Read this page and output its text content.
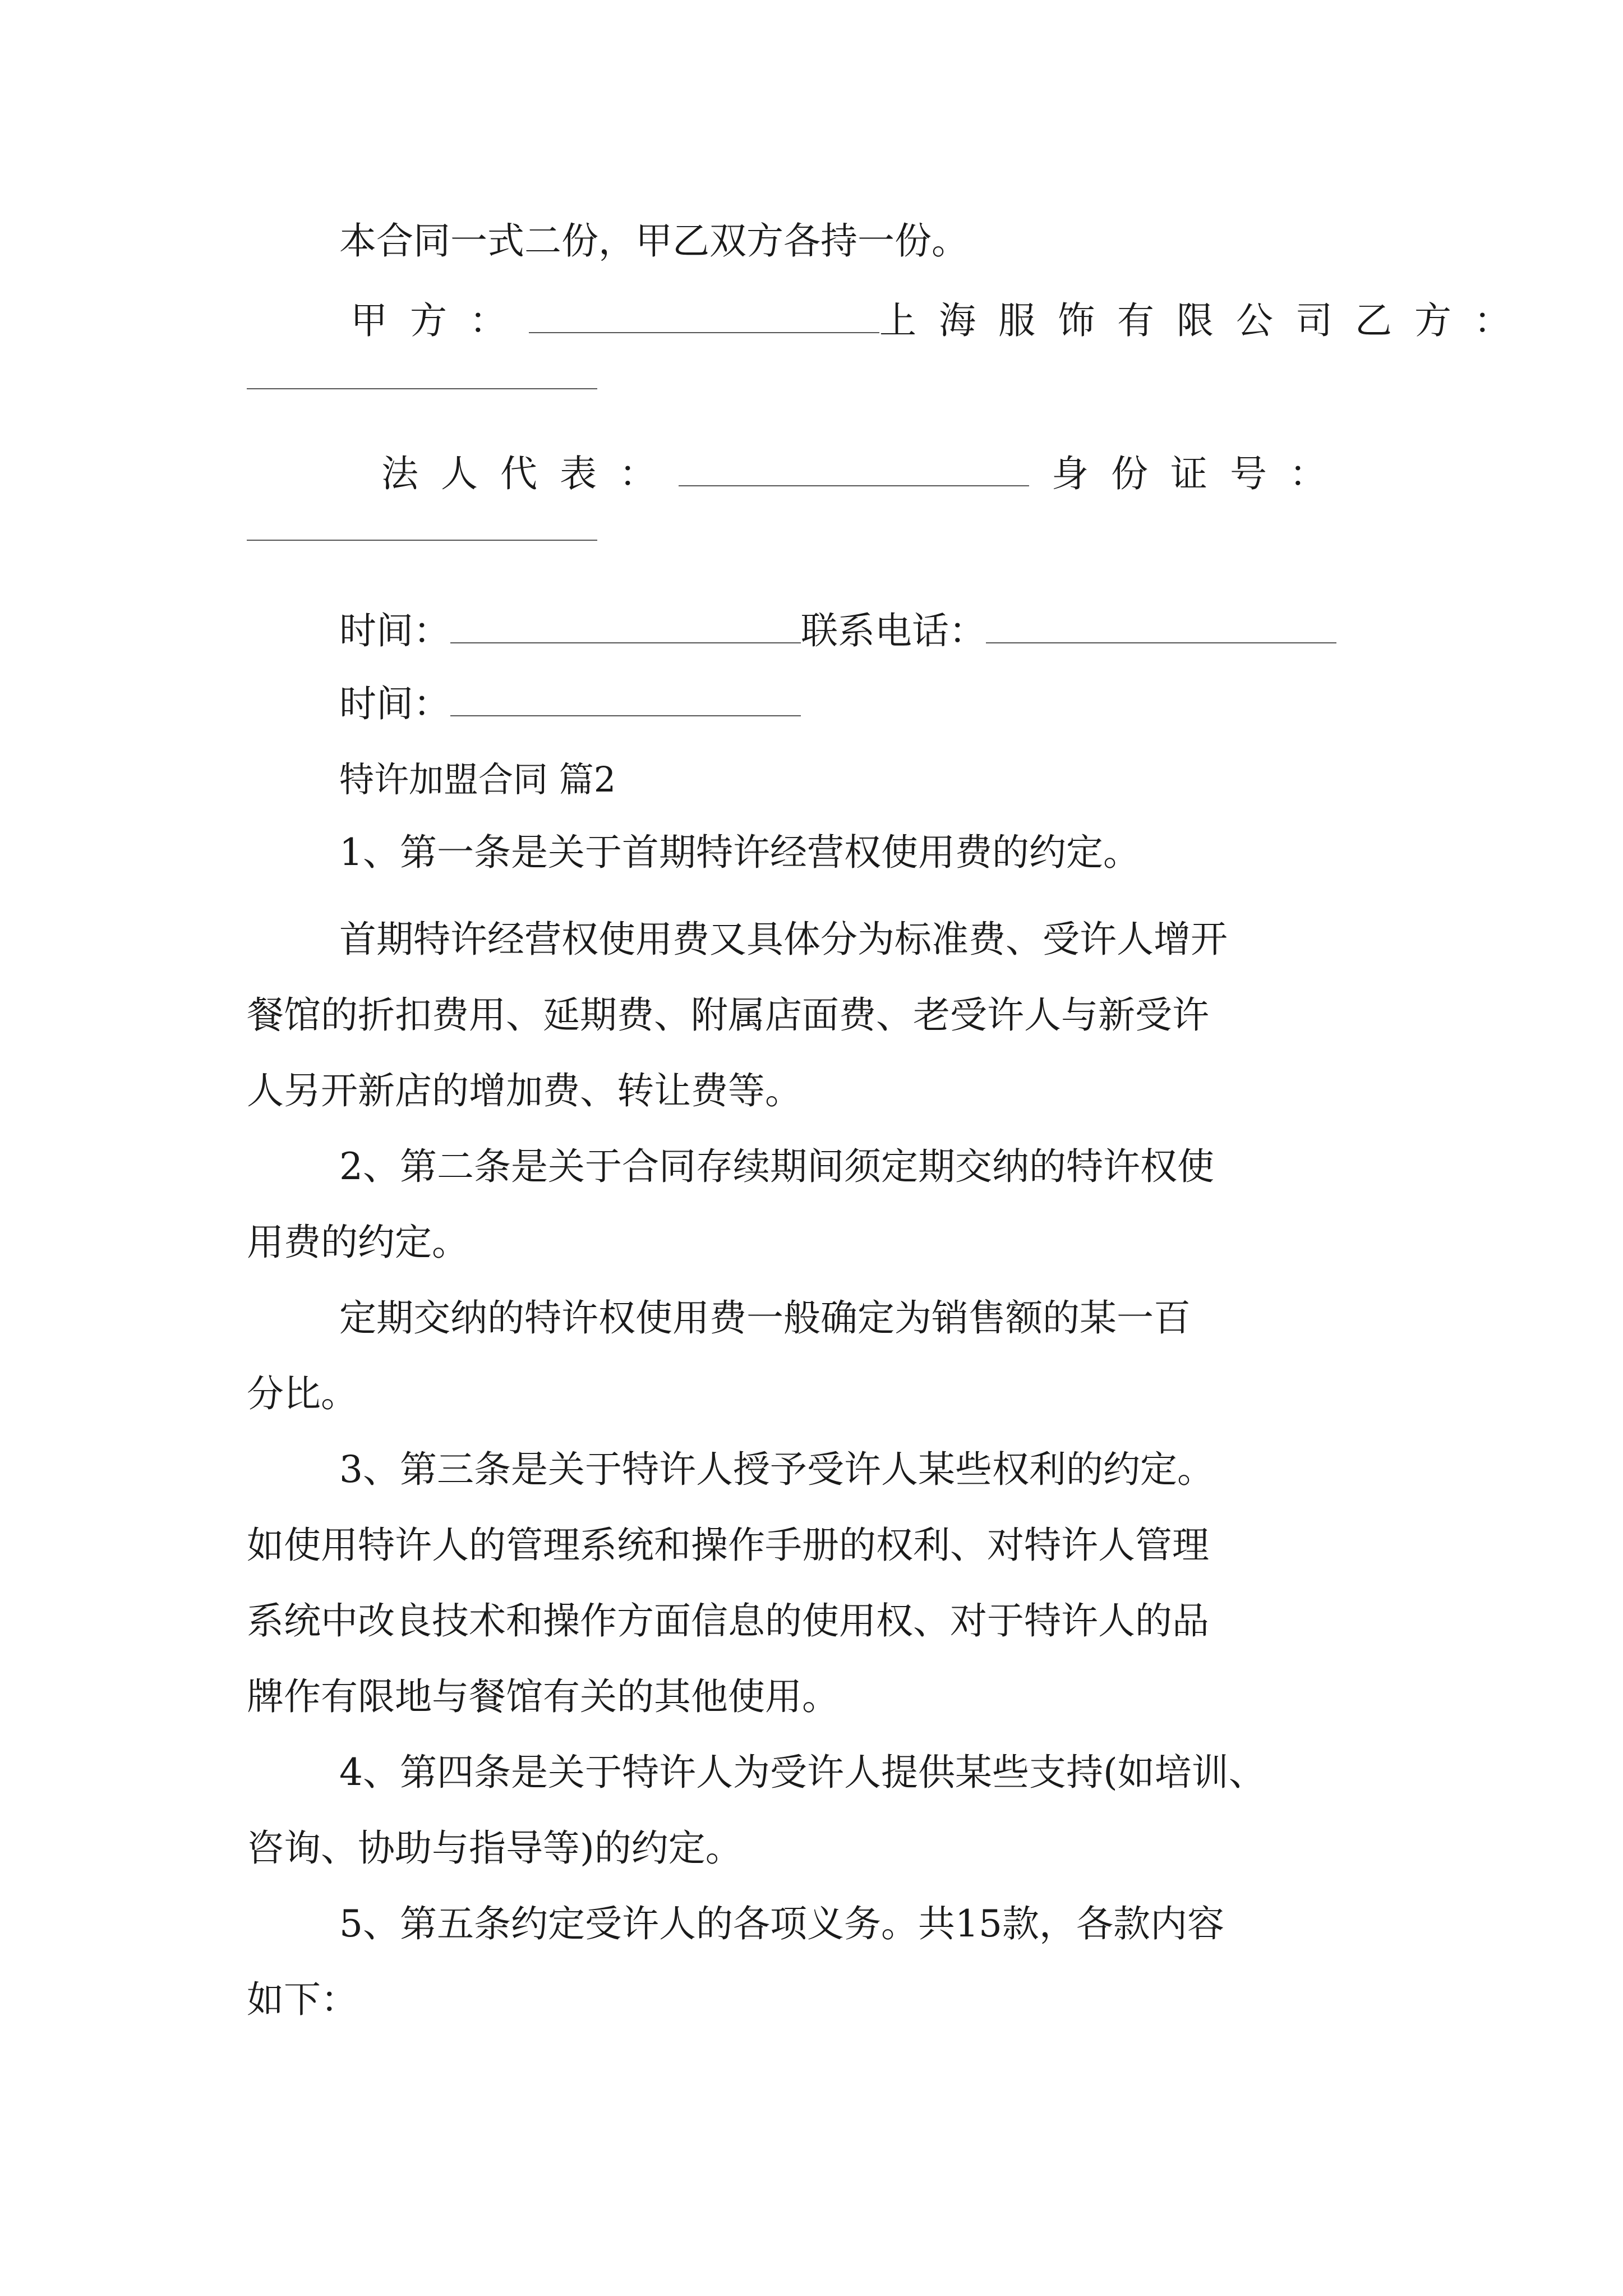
本合同一式二份，甲乙双方各持一份。
甲方：	上海服饰有限公司乙方：
法人代表：	身份证号：
时间：	联系电话：
时间：
特许加盟合同 篇2
1、第一条是关于首期特许经营权使用费的约定。
首期特许经营权使用费又具体分为标准费、受许人增开
餐馆的折扣费用、延期费、附属店面费、老受许人与新受许
人另开新店的增加费、转让费等。
2、第二条是关于合同存续期间须定期交纳的特许权使
用费的约定。
定期交纳的特许权使用费一般确定为销售额的某一百
分比。
3、第三条是关于特许人授予受许人某些权利的约定。
如使用特许人的管理系统和操作手册的权利、对特许人管理
系统中改良技术和操作方面信息的使用权、对于特许人的品
牌作有限地与餐馆有关的其他使用。
4、第四条是关于特许人为受许人提供某些支持(如培训、
咨询、协助与指导等)的约定。
5、第五条约定受许人的各项义务。共15款，各款内容
如下：
